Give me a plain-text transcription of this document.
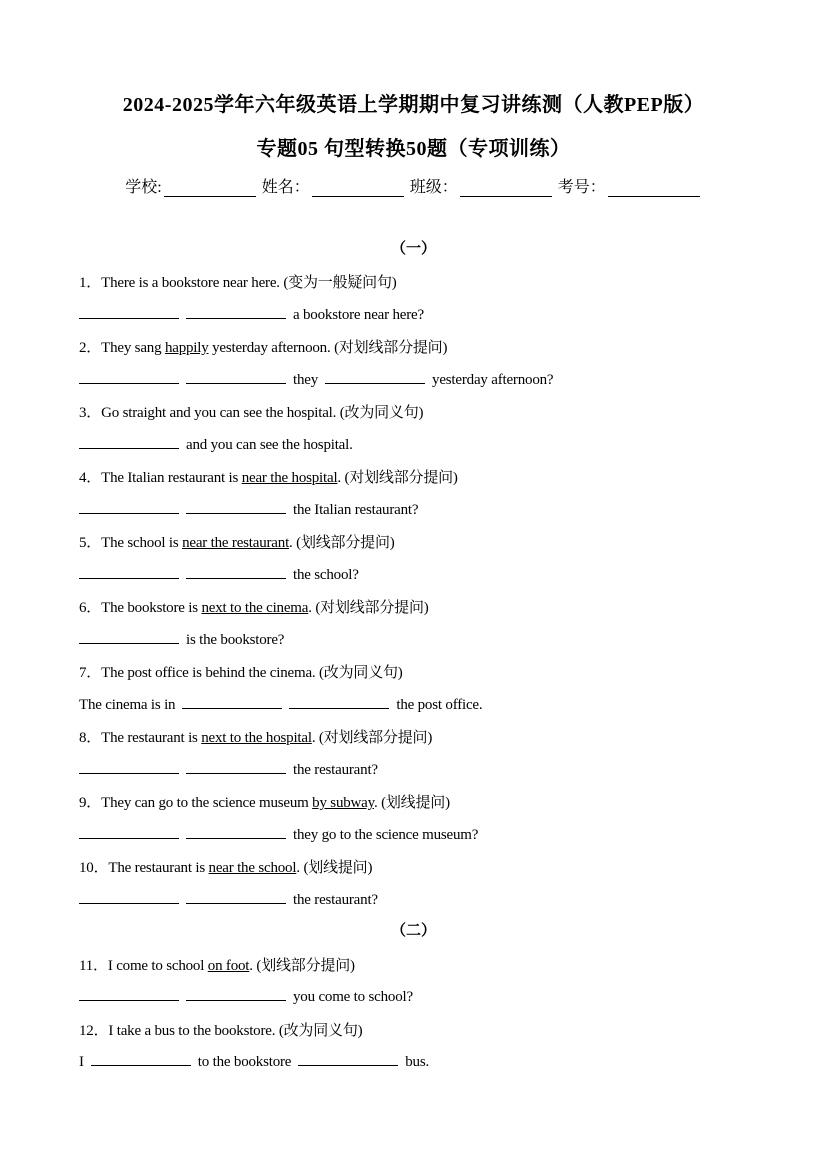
2024-2025学年六年级英语上学期期中复习讲练测（人教PEP版）
专题05 句型转换50题（专项训练）
学校:	姓名：	班级：	考号：
（一）
1．There is a bookstore near here. (变为一般疑问句)
a bookstore near here?
2．They sang happily yesterday afternoon. (对划线部分提问)
they	yesterday afternoon?
3．Go straight and you can see the hospital. (改为同义句)
and you can see the hospital.
4．The Italian restaurant is near the hospital. (对划线部分提问)
the Italian restaurant?
5．The school is near the restaurant. (划线部分提问)
the school?
6．The bookstore is next to the cinema. (对划线部分提问)
is the bookstore?
7．The post office is behind the cinema. (改为同义句)
The cinema is in	the post office.
8．The restaurant is next to the hospital. (对划线部分提问)
the restaurant?
9．They can go to the science museum by subway. (划线提问)
they go to the science museum?
10．The restaurant is near the school. (划线提问)
the restaurant?
（二）
11．I come to school on foot. (划线部分提问)
you come to school?
12．I take a bus to the bookstore. (改为同义句)
I	to the bookstore	bus.
